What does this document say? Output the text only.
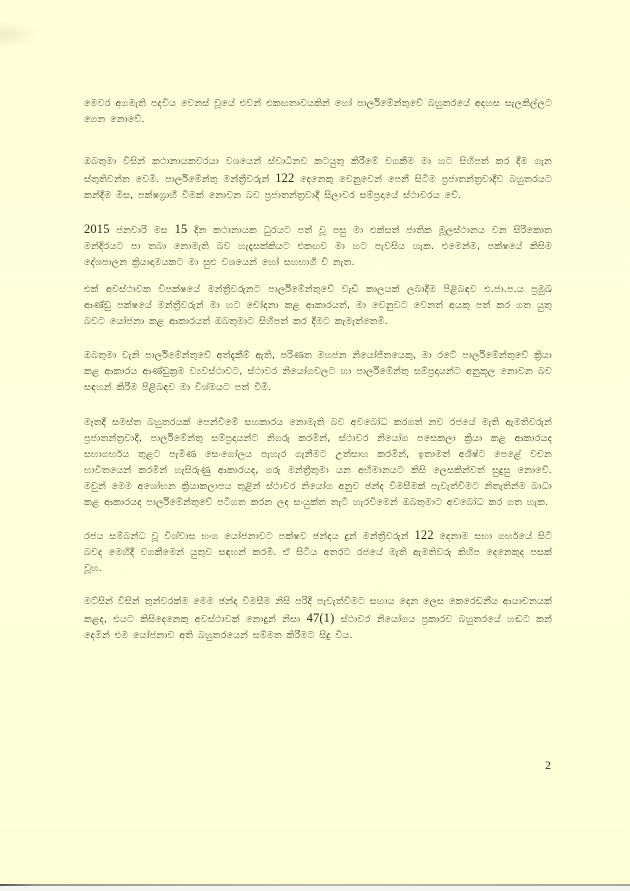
මෙවර අගමැති පදවිය වෙනස් වූයේ එවන් එකඟතාවයකින් හෝ පාර්ලිමේන්තුවේ බහුතරයේ අදහස සැලකිල්ලට ගෙන නොවේ.

ඔබතුමා විසින් කථානායකවරයා වශයෙන් ස්වාධීනව කටයුතු කිරීමේ වගකීම මා හට සිහිපත් කර දීම ගැන ස්තුතිවන්ත වෙමි. පාර්ලිමේන්තු මන්ත්‍රීවරුන් 122 දෙනෙකු වෙනුවෙන් පෙනී සිටීම ප්‍රජාතන්ත්‍රවාදීව බහුතරයට කන්දීම මිස, පක්ෂග්‍රාහී වීමක් නොවන බව ප්‍රජාතන්ත්‍රවාදී සිලාවර සම්ප්‍රදායේ ස්ථාවරය වේ.

2015 ජනවාරි මස 15 දින කථානායක ධුරයට පත් වූ පසු මා එක්සත් ජාතික මූලස්ථානය වන සිරිකොත මන්දිරයට පා තබා නොමැති බව හැදෑසක්කියට එකඟව මා හට පැවසිය හැක. එමෙන්ම, පක්ෂයේ කිසිම දේශපාලන ක්‍රියාදාමයකට මා සුළු වශයෙන් හෝ සහභාගී වී නැත.

එක් අවස්ථාවක විපක්ෂයේ මන්ත්‍රීවරුනට පාර්ලිමේන්තුවේ වැඩි කාලයක් ලබාදීම පිළිබඳව එ.ජා.ප.ය ප්‍රමුඛ ආණ්ඩු පක්ෂයේ මන්ත්‍රීවරුන් මා හට චෝදනා කළ ආකාරයත්, මා වෙනුවට වෙනත් අයකු පත් කර ගත යුතු බවට යෝජනා කළ ආකාරයත් ඔබතුමාට සිහිපත් කර දීමට කැමැත්තෙමි.

ඔබතුමා වැනි පාර්ලිමේන්තුවේ අත්දැකීම් ඇති, පරිණත මහජන නියෝජිතයෙකු, මා රටේ පාර්ලිමේන්තුවේ ක්‍රියා කළ ආකාරය ආණ්ඩුක්‍රම ව්‍යවස්ථාවට, ස්ථාවර නියෝගවලට හා පාර්ලිමේන්තු සම්ප්‍රදායන්ට අනුකූල නොවන බව සඳහන් කිරීම පිළිබඳව මා විශ්මයට පත් වීමි.

මෑතදී සමස්ත බහුතරයක් පෙන්වීමේ සහකාරය නොමැති බව අවබෝධ කරගත් නව රජයේ මැති ඇමතිවරුන් ප්‍රජාතන්ත්‍රවාදී, පාර්ලිමේන්තු සම්ප්‍රදායන්ට නිගරු කරමින්, ස්ථාවර නියෝග පසෙකලා ක්‍රියා කළ ආකාරයද සභාගර්භය තුළට පැමිණ සෙංගෝලය පැහැර ගැනීමට උත්සාහ කරමින්, ඉතාමත් අශිෂ්ට පෙළේ වචන භාවිතයෙන් කරමින් හැසිරුණු ආකාරයද, ගරු මන්ත්‍රීතුමා යන අභිමානයට කිසි ලෙසකින්වත් සුදුසු නොවේ. මවුන් මෙම අශෝභන ක්‍රියාකලාපය තුළින් ස්ථාවර නියෝග අනුව ඡන්ද විමසීමක් පැවැත්වීමට නිතැතින්ම බාධා කළ ආකාරයද පාර්ලිමේන්තුවේ පටිගත කරන ලද සංයුක්ත තැටි හැරවීමෙන් ඔබතුමාට අවබෝධ කර ගත හැක.

රජය සම්බන්ධ වූ විශ්වාස භංග යෝජනාවට පක්ෂව ඡන්දය දුන් මන්ත්‍රීවරුන් 122 දෙනාම සභා ගර්භයේ සිටි බවද මෙහිදී වගකීමෙන් යුතුව සඳහන් කරමි. ඒ සිටිය අතරට රජයේ මැති ඇමතිවරු කිහිප දෙනෙකුද පසක් වූහ.

මට්සින් විසින් තුන්වරක්ම මෙම ඡන්ද විමසීම නිසි පරිදි පැවැත්වීමට සහාය දෙන ලෙස කෙරෙඩනීය ආයාචනයක් කළද, එයට කිසිදෙනෙකු අවස්ථාවක් නොදුන් නිසා 47(1) ස්ථාවර නියෝගය ප්‍රකාරව බහුතරයේ හඬට කන් දෙමින් එම යෝජනාව අති බහුතරයෙන් සම්මත කිරීමට සිදු විය.

2
